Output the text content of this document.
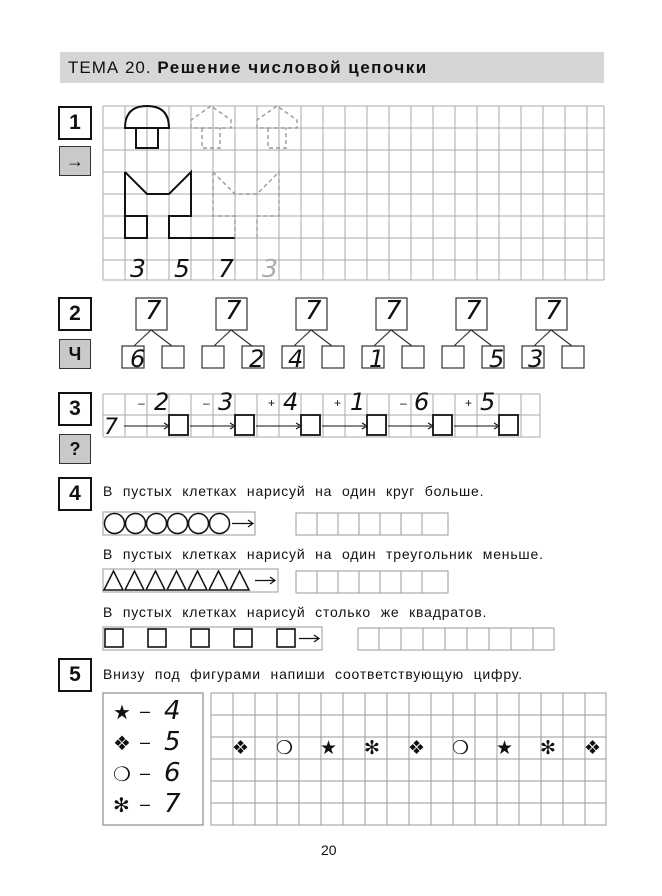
ТЕМА 20. Решение числовой цепочки
1
→
2
Ч
3
?
4
5
3 5 7 3
7
6
7
2
7
4
7
1
7
5
7
3
7
– 2	– 3	+ 4	+ 1	– 6	+ 5
В пустых клетках нарисуй на один круг больше.
В пустых клетках нарисуй на один треугольник меньше.
В пустых клетках нарисуй столько же квадратов.
Внизу под фигурами напиши соответствующую цифру.
★ – 4
❖ – 5
❍ – 6
✻ – 7
❖ ❍ ★ ✻ ❖ ❍ ★ ✻ ❖
20
